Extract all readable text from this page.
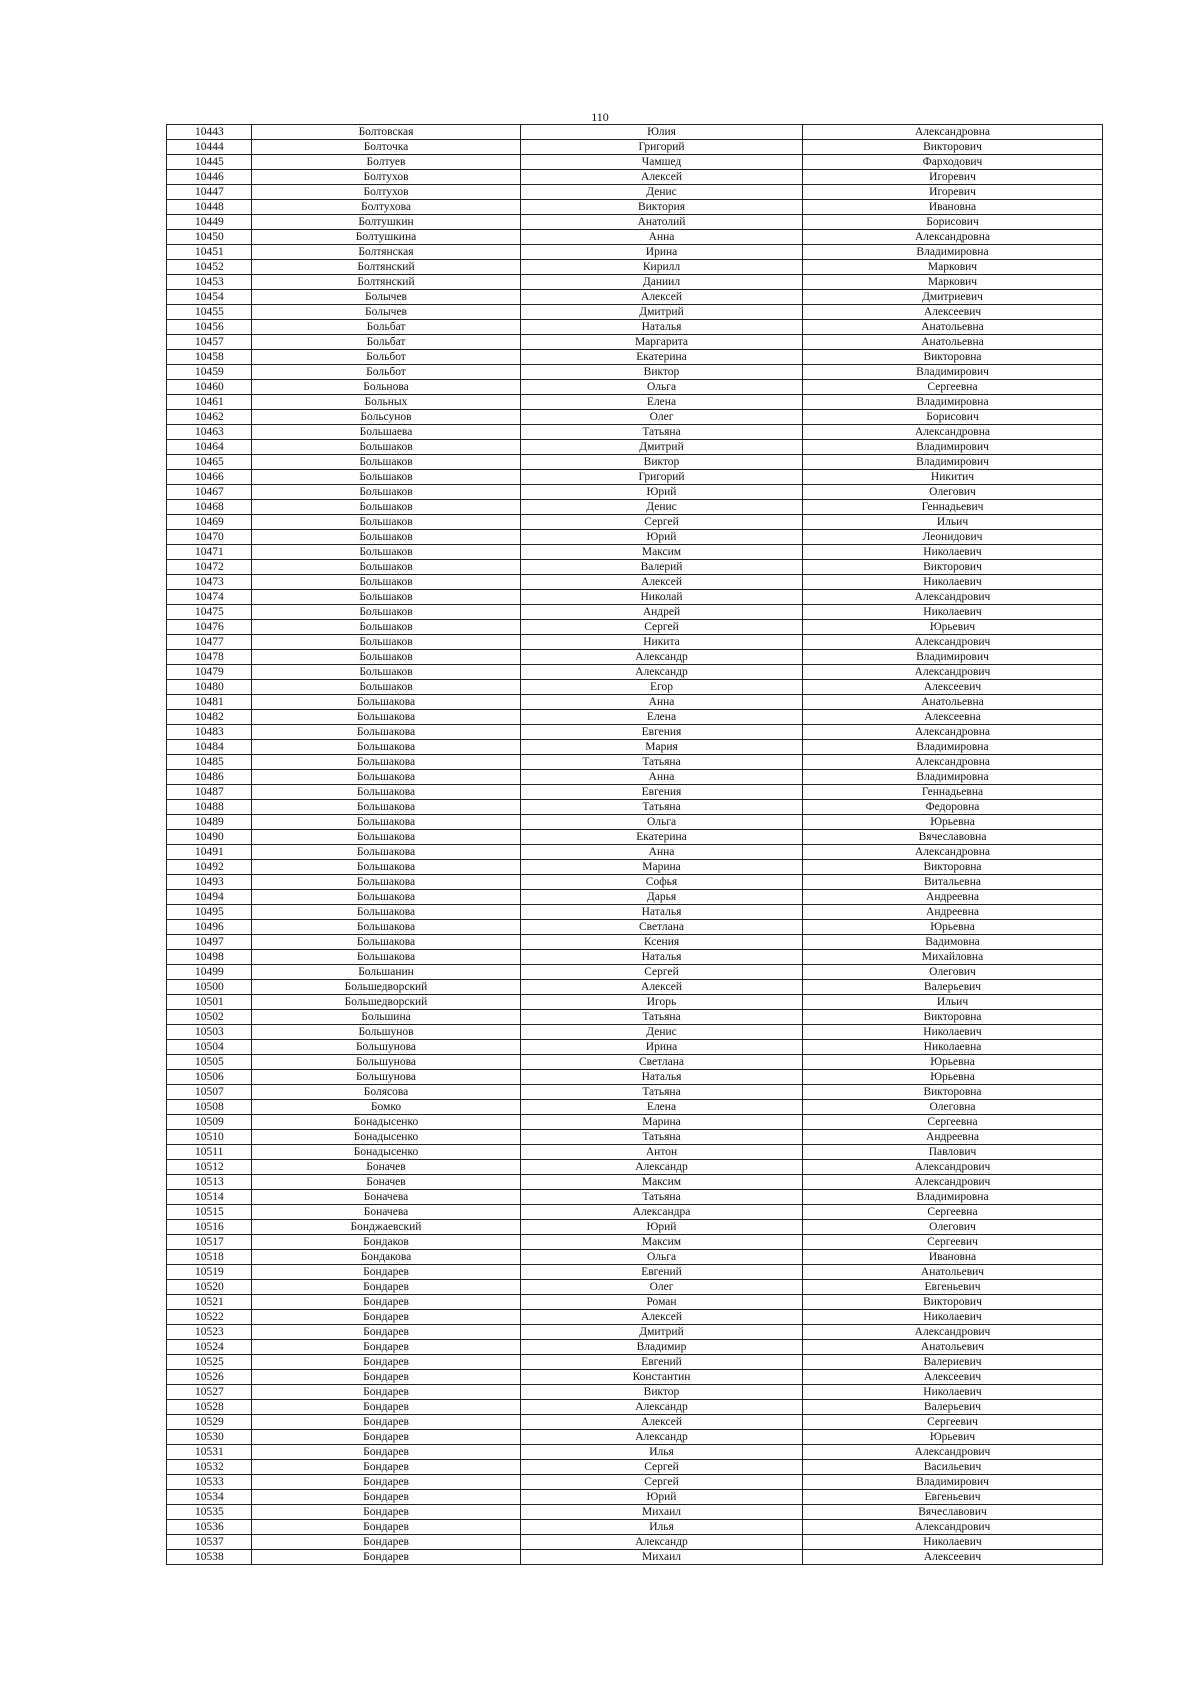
110
10443	Болтовская	Юлия	Александровна
10444	Болточка	Григорий	Викторович
10445	Болтуев	Чамшед	Фарходович
10446	Болтухов	Алексей	Игоревич
10447	Болтухов	Денис	Игоревич
10448	Болтухова	Виктория	Ивановна
10449	Болтушкин	Анатолий	Борисович
10450	Болтушкина	Анна	Александровна
10451	Болтянская	Ирина	Владимировна
10452	Болтянский	Кирилл	Маркович
10453	Болтянский	Даниил	Маркович
10454	Болычев	Алексей	Дмитриевич
10455	Болычев	Дмитрий	Алексеевич
10456	Больбат	Наталья	Анатольевна
10457	Больбат	Маргарита	Анатольевна
10458	Больбот	Екатерина	Викторовна
10459	Больбот	Виктор	Владимирович
10460	Больнова	Ольга	Сергеевна
10461	Больных	Елена	Владимировна
10462	Больсунов	Олег	Борисович
10463	Большаева	Татьяна	Александровна
10464	Большаков	Дмитрий	Владимирович
10465	Большаков	Виктор	Владимирович
10466	Большаков	Григорий	Никитич
10467	Большаков	Юрий	Олегович
10468	Большаков	Денис	Геннадьевич
10469	Большаков	Сергей	Ильич
10470	Большаков	Юрий	Леонидович
10471	Большаков	Максим	Николаевич
10472	Большаков	Валерий	Викторович
10473	Большаков	Алексей	Николаевич
10474	Большаков	Николай	Александрович
10475	Большаков	Андрей	Николаевич
10476	Большаков	Сергей	Юрьевич
10477	Большаков	Никита	Александрович
10478	Большаков	Александр	Владимирович
10479	Большаков	Александр	Александрович
10480	Большаков	Егор	Алексеевич
10481	Большакова	Анна	Анатольевна
10482	Большакова	Елена	Алексеевна
10483	Большакова	Евгения	Александровна
10484	Большакова	Мария	Владимировна
10485	Большакова	Татьяна	Александровна
10486	Большакова	Анна	Владимировна
10487	Большакова	Евгения	Геннадьевна
10488	Большакова	Татьяна	Федоровна
10489	Большакова	Ольга	Юрьевна
10490	Большакова	Екатерина	Вячеславовна
10491	Большакова	Анна	Александровна
10492	Большакова	Марина	Викторовна
10493	Большакова	Софья	Витальевна
10494	Большакова	Дарья	Андреевна
10495	Большакова	Наталья	Андреевна
10496	Большакова	Светлана	Юрьевна
10497	Большакова	Ксения	Вадимовна
10498	Большакова	Наталья	Михайловна
10499	Большанин	Сергей	Олегович
10500	Большедворский	Алексей	Валерьевич
10501	Большедворский	Игорь	Ильич
10502	Большина	Татьяна	Викторовна
10503	Большунов	Денис	Николаевич
10504	Большунова	Ирина	Николаевна
10505	Большунова	Светлана	Юрьевна
10506	Большунова	Наталья	Юрьевна
10507	Болясова	Татьяна	Викторовна
10508	Бомко	Елена	Олеговна
10509	Бонадысенко	Марина	Сергеевна
10510	Бонадысенко	Татьяна	Андреевна
10511	Бонадысенко	Антон	Павлович
10512	Боначев	Александр	Александрович
10513	Боначев	Максим	Александрович
10514	Боначева	Татьяна	Владимировна
10515	Боначева	Александра	Сергеевна
10516	Бонджаевский	Юрий	Олегович
10517	Бондаков	Максим	Сергеевич
10518	Бондакова	Ольга	Ивановна
10519	Бондарев	Евгений	Анатольевич
10520	Бондарев	Олег	Евгеньевич
10521	Бондарев	Роман	Викторович
10522	Бондарев	Алексей	Николаевич
10523	Бондарев	Дмитрий	Александрович
10524	Бондарев	Владимир	Анатольевич
10525	Бондарев	Евгений	Валериевич
10526	Бондарев	Константин	Алексеевич
10527	Бондарев	Виктор	Николаевич
10528	Бондарев	Александр	Валерьевич
10529	Бондарев	Алексей	Сергеевич
10530	Бондарев	Александр	Юрьевич
10531	Бондарев	Илья	Александрович
10532	Бондарев	Сергей	Васильевич
10533	Бондарев	Сергей	Владимирович
10534	Бондарев	Юрий	Евгеньевич
10535	Бондарев	Михаил	Вячеславович
10536	Бондарев	Илья	Александрович
10537	Бондарев	Александр	Николаевич
10538	Бондарев	Михаил	Алексеевич
